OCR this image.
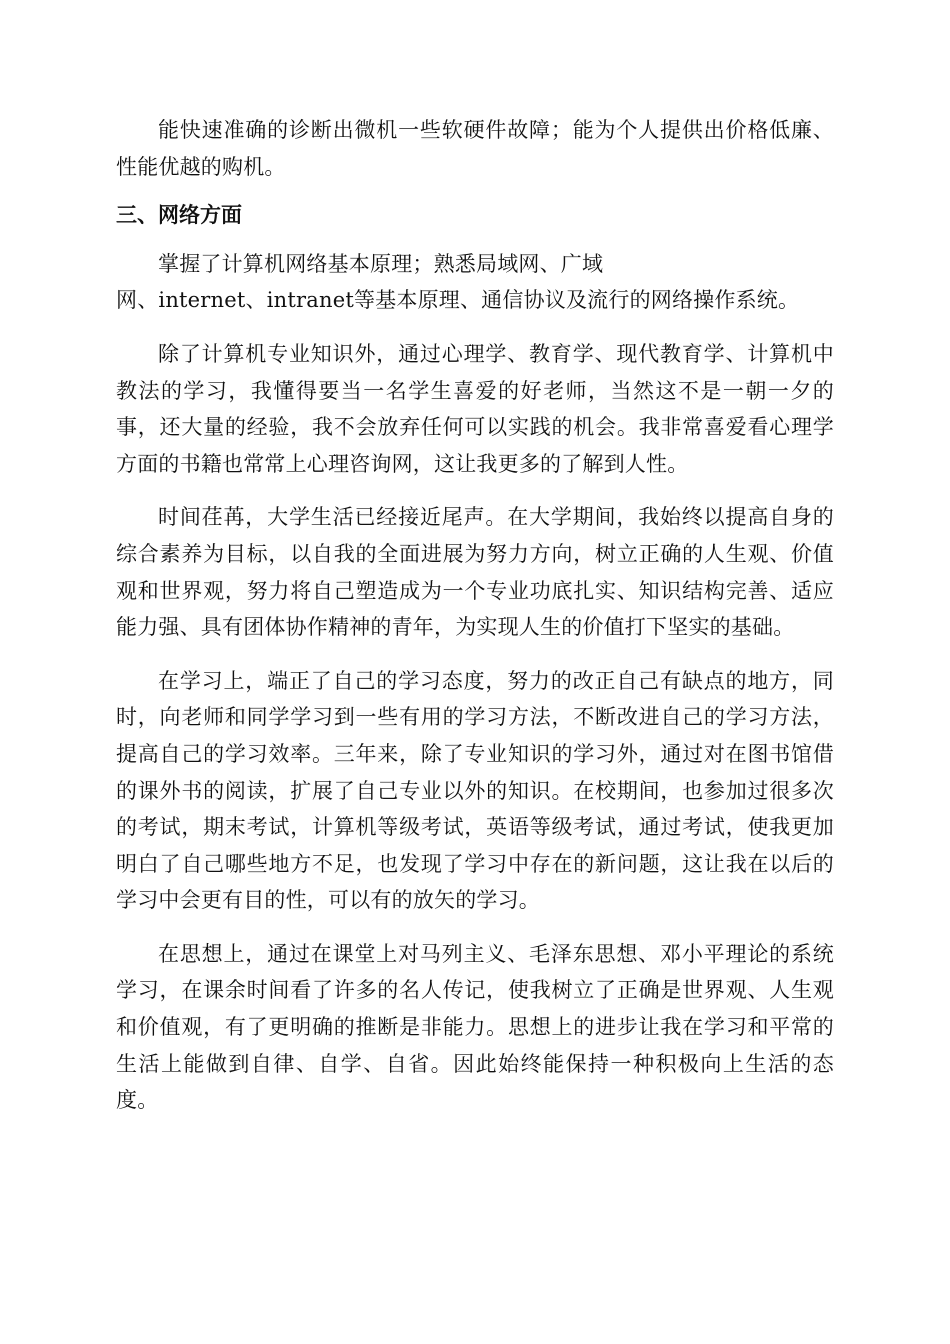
能快速准确的诊断出微机一些软硬件故障；能为个人提供出价格低廉、性能优越的购机。

三、网络方面

掌握了计算机网络基本原理；熟悉局域网、广域

网、internet、intranet等基本原理、通信协议及流行的网络操作系统。

除了计算机专业知识外，通过心理学、教育学、现代教育学、计算机中教法的学习，我懂得要当一名学生喜爱的好老师，当然这不是一朝一夕的事，还大量的经验，我不会放弃任何可以实践的机会。我非常喜爱看心理学方面的书籍也常常上心理咨询网，这让我更多的了解到人性。

时间荏苒，大学生活已经接近尾声。在大学期间，我始终以提高自身的综合素养为目标，以自我的全面进展为努力方向，树立正确的人生观、价值观和世界观，努力将自己塑造成为一个专业功底扎实、知识结构完善、适应能力强、具有团体协作精神的青年，为实现人生的价值打下坚实的基础。

在学习上，端正了自己的学习态度，努力的改正自己有缺点的地方，同时，向老师和同学学习到一些有用的学习方法，不断改进自己的学习方法，提高自己的学习效率。三年来，除了专业知识的学习外，通过对在图书馆借的课外书的阅读，扩展了自己专业以外的知识。在校期间，也参加过很多次的考试，期末考试，计算机等级考试，英语等级考试，通过考试，使我更加明白了自己哪些地方不足，也发现了学习中存在的新问题，这让我在以后的学习中会更有目的性，可以有的放矢的学习。

在思想上，通过在课堂上对马列主义、毛泽东思想、邓小平理论的系统学习，在课余时间看了许多的名人传记，使我树立了正确是世界观、人生观和价值观，有了更明确的推断是非能力。思想上的进步让我在学习和平常的生活上能做到自律、自学、自省。因此始终能保持一种积极向上生活的态度。
